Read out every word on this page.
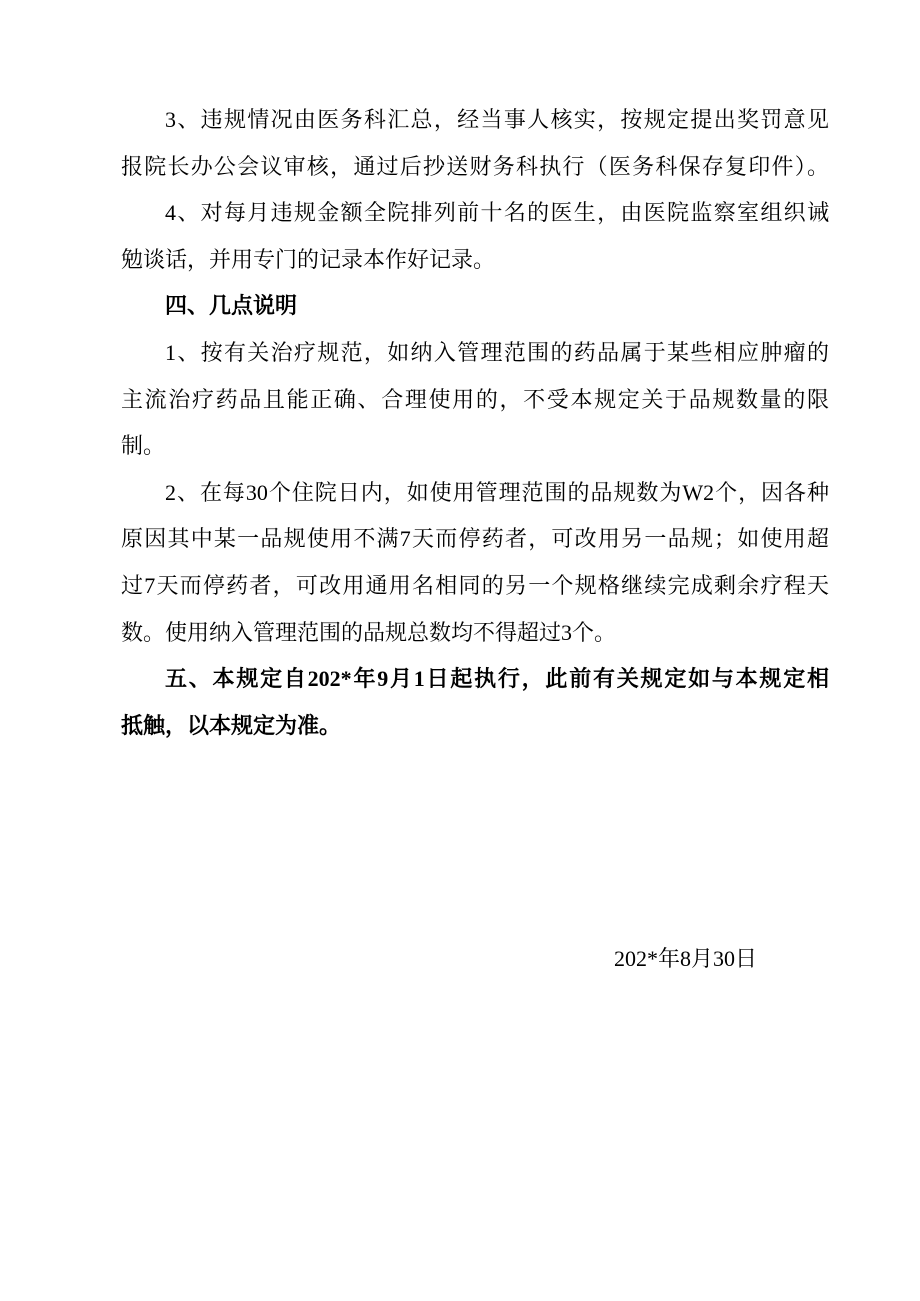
3、违规情况由医务科汇总，经当事人核实，按规定提出奖罚意见
报院长办公会议审核，通过后抄送财务科执行（医务科保存复印件）。
4、对每月违规金额全院排列前十名的医生，由医院监察室组织诫
勉谈话，并用专门的记录本作好记录。
四、几点说明
1、按有关治疗规范，如纳入管理范围的药品属于某些相应肿瘤的
主流治疗药品且能正确、合理使用的，不受本规定关于品规数量的限
制。
2、在每30个住院日内，如使用管理范围的品规数为W2个，因各种
原因其中某一品规使用不满7天而停药者，可改用另一品规；如使用超
过7天而停药者，可改用通用名相同的另一个规格继续完成剩余疗程天
数。使用纳入管理范围的品规总数均不得超过3个。
五、本规定自202*年9月1日起执行，此前有关规定如与本规定相
抵触，以本规定为准。
202*年8月30日
